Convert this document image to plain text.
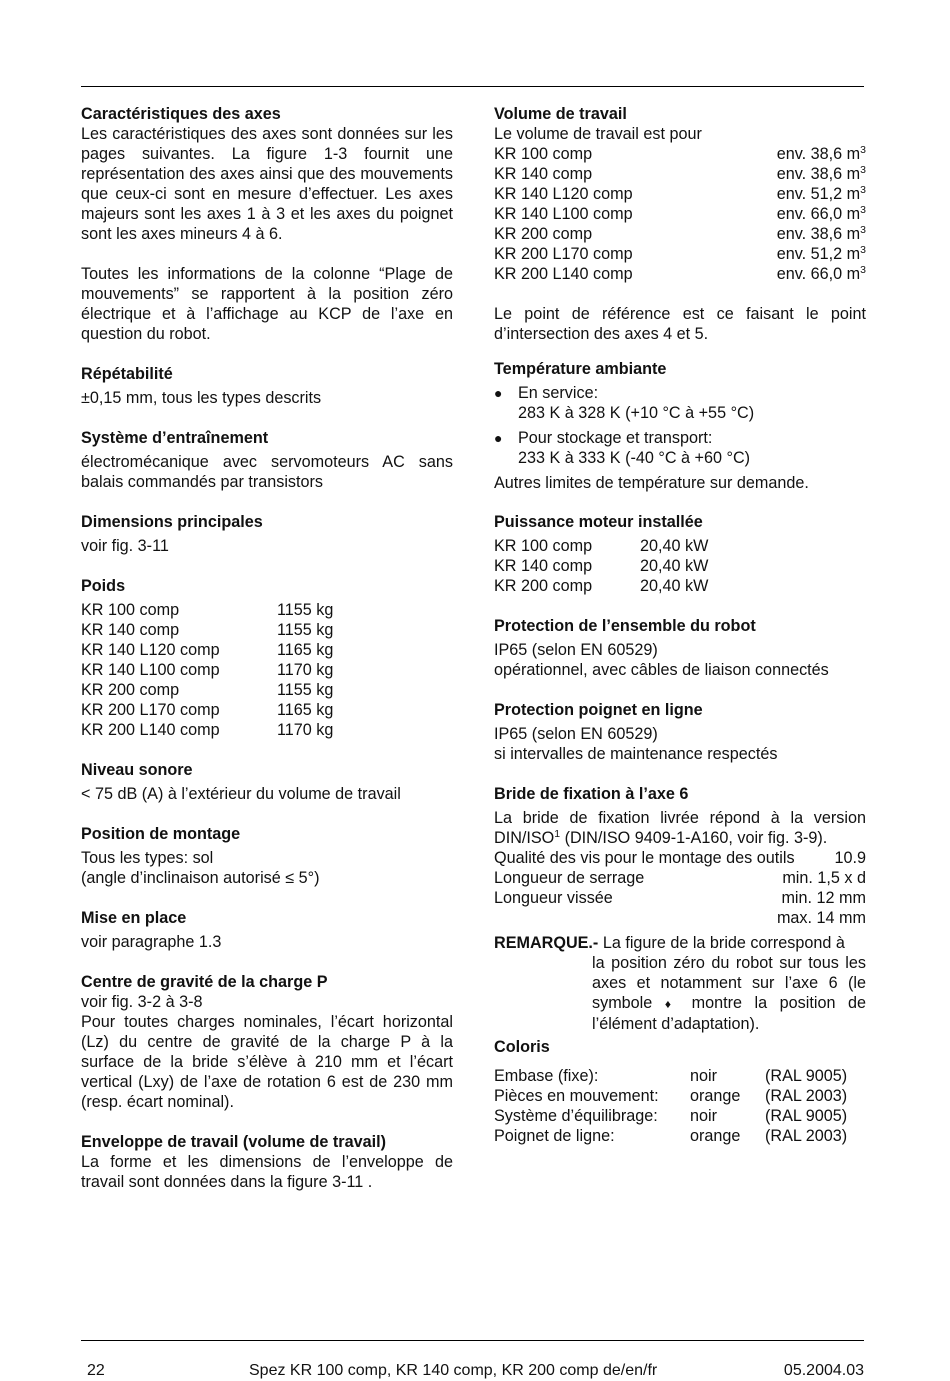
Caractéristiques des axes

Les caractéristiques des axes sont données sur les pages suivantes. La figure 1-3 fournit une représentation des axes ainsi que des mouvements que ceux-ci sont en mesure d’effectuer. Les axes majeurs sont les axes 1 à 3 et les axes du poignet sont les axes mineurs 4 à 6.

Toutes les informations de la colonne “Plage de mouvements” se rapportent à la position zéro électrique et à l’affichage au KCP de l’axe en question du robot.

Répétabilité
±0,15 mm, tous les types descrits
Système d’entraînement

électromécanique avec servomoteurs AC sans balais commandés par transistors

Dimensions principales
voir fig. 3-11
Poids
KR 100 comp	1155 kg
KR 140 comp	1155 kg
KR 140 L120 comp	1165 kg
KR 140 L100 comp	1170 kg
KR 200 comp	1155 kg
KR 200 L170 comp	1165 kg
KR 200 L140 comp	1170 kg
Niveau sonore
< 75 dB (A) à l’extérieur du volume de travail
Position de montage
Tous les types: sol
(angle d’inclinaison autorisé ≤ 5°)
Mise en place
voir paragraphe 1.3
Centre de gravité de la charge P
voir fig. 3-2 à 3-8

Pour toutes charges nominales, l’écart horizontal (Lz) du centre de gravité de la charge P à la surface de la bride s’élève à 210 mm et l’écart vertical (Lxy) de l’axe de rotation 6 est de 230 mm (resp. écart nominal).

Enveloppe de travail (volume de travail)

La forme et les dimensions de l’enveloppe de travail sont données dans la figure 3-11 .

Volume de travail
Le volume de travail est pour
KR 100 comp	env. 38,6 $m^3$
KR 140 comp	env. 38,6 $m^3$
KR 140 L120 comp	env. 51,2 $m^3$
KR 140 L100 comp	env. 66,0 $m^3$
KR 200 comp	env. 38,6 $m^3$
KR 200 L170 comp	env. 51,2 $m^3$
KR 200 L140 comp	env. 66,0 $m^3$

Le point de référence est ce faisant le point d’intersection des axes 4 et 5.

Température ambiante
● En service:
283 K à 328 K (+10 °C à +55 °C)
● Pour stockage et transport:
233 K à 333 K (-40 °C à +60 °C)
Autres limites de température sur demande.
Puissance moteur installée
KR 100 comp	20,40 kW
KR 140 comp	20,40 kW
KR 200 comp	20,40 kW
Protection de l’ensemble du robot
IP65 (selon EN 60529)
opérationnel, avec câbles de liaison connectés
Protection poignet en ligne
IP65 (selon EN 60529)
si intervalles de maintenance respectés
Bride de fixation à l’axe 6

La bride de fixation livrée répond à la version DIN/ISO$^1$ (DIN/ISO 9409-1-A160, voir fig. 3-9).

Qualité des vis pour le montage des outils 10.9
Longueur de serrage	min. 1,5 x d
Longueur vissée	min. 12 mm
max. 14 mm
REMARQUE.- La figure de la bride correspond à
la position zéro du robot sur tous les axes et notamment sur l’axe 6 (le symbole ♦ montre la position de l’élément d’adaptation).
Coloris
Embase (fixe):	noir	(RAL 9005)
Pièces en mouvement:	orange	(RAL 2003)
Système d’équilibrage:	noir	(RAL 9005)
Poignet de ligne:	orange	(RAL 2003)
22	Spez KR 100 comp, KR 140 comp, KR 200 comp de/en/fr	05.2004.03
